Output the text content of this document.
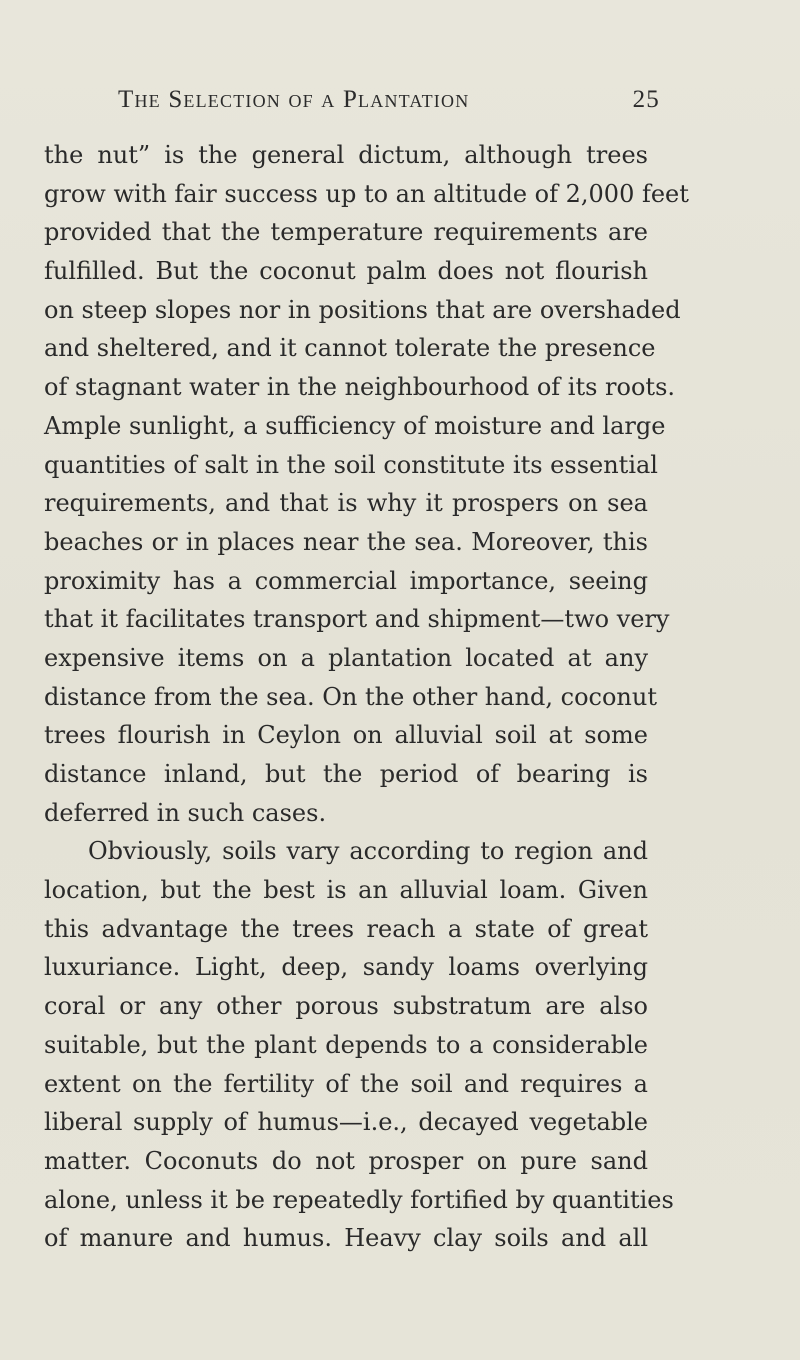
The Selection of a Plantation	25
the nut” is the general dictum, although trees
grow with fair success up to an altitude of 2,000 feet
provided that the temperature requirements are
fulfilled. But the coconut palm does not flourish
on steep slopes nor in positions that are overshaded
and sheltered, and it cannot tolerate the presence
of stagnant water in the neighbourhood of its roots.
Ample sunlight, a sufficiency of moisture and large
quantities of salt in the soil constitute its essential
requirements, and that is why it prospers on sea
beaches or in places near the sea. Moreover, this
proximity has a commercial importance, seeing
that it facilitates transport and shipment—two very
expensive items on a plantation located at any
distance from the sea. On the other hand, coconut
trees flourish in Ceylon on alluvial soil at some
distance inland, but the period of bearing is
deferred in such cases.
Obviously, soils vary according to region and
location, but the best is an alluvial loam. Given
this advantage the trees reach a state of great
luxuriance. Light, deep, sandy loams overlying
coral or any other porous substratum are also
suitable, but the plant depends to a considerable
extent on the fertility of the soil and requires a
liberal supply of humus—i.e., decayed vegetable
matter. Coconuts do not prosper on pure sand
alone, unless it be repeatedly fortified by quantities
of manure and humus. Heavy clay soils and all
